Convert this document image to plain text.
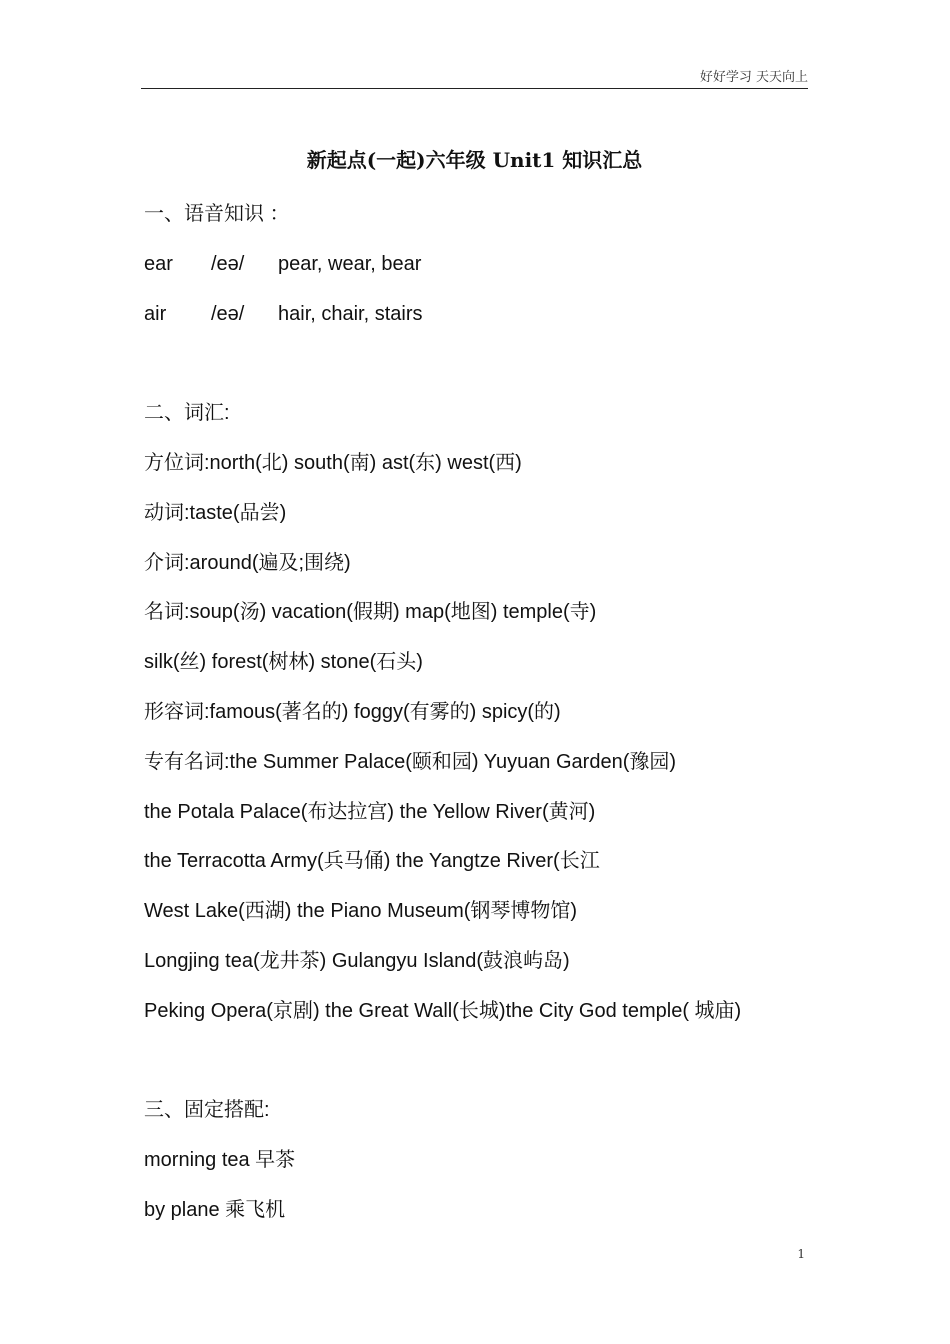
好好学习 天天向上
新起点(一起)六年级 Unit1 知识汇总
一、语音知识 ：
ear /eə/ pear, wear, bear
air /eə/ hair, chair, stairs
二、词汇:
方位词:north(北) south(南) ast(东) west(西)
动词:taste(品尝)
介词:around(遍及;围绕)
名词:soup(汤) vacation(假期) map(地图) temple(寺)
silk(丝) forest(树林) stone(石头)
形容词:famous(著名的) foggy(有雾的) spicy(的)
专有名词:the Summer Palace(颐和园) Yuyuan Garden(豫园)
the Potala Palace(布达拉宫) the Yellow River(黄河)
the Terracotta Army(兵马俑) the Yangtze River(长江
West Lake(西湖) the Piano Museum(钢琴博物馆)
Longjing tea(龙井茶) Gulangyu Island(鼓浪屿岛)
Peking Opera(京剧) the Great Wall(长城)the City God temple( 城庙)
三、固定搭配:
morning tea 早茶
by plane 乘飞机
1
